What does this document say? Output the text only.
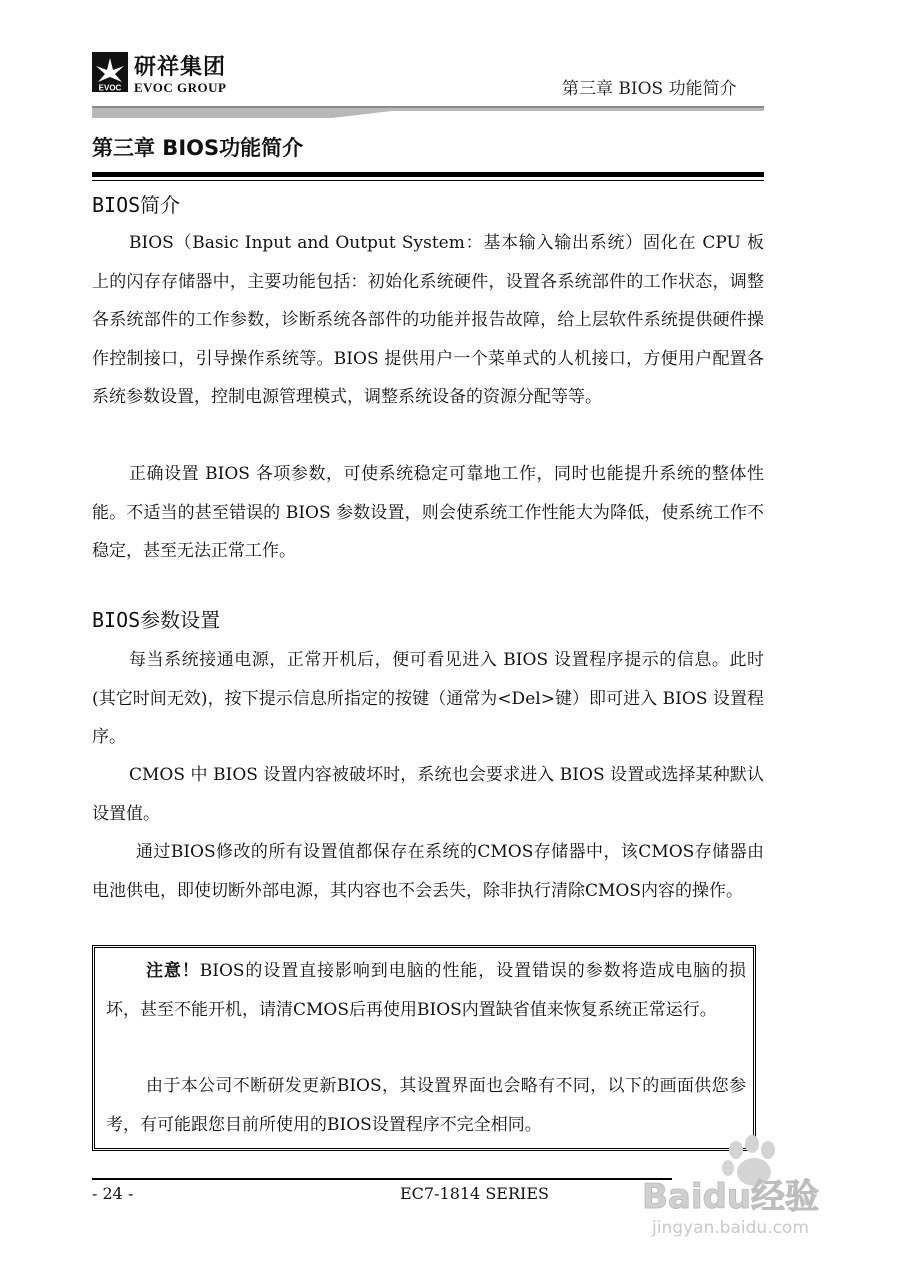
EVOC
研祥集团
EVOC GROUP	第三章 BIOS 功能简介
第三章 BIOS功能简介
BIOS简介

BIOS（Basic Input and Output System：基本输入输出系统）固化在 CPU 板上的闪存存储器中，主要功能包括：初始化系统硬件，设置各系统部件的工作状态，调整各系统部件的工作参数，诊断系统各部件的功能并报告故障，给上层软件系统提供硬件操作控制接口，引导操作系统等。BIOS 提供用户一个菜单式的人机接口，方便用户配置各系统参数设置，控制电源管理模式，调整系统设备的资源分配等等。

正确设置 BIOS 各项参数，可使系统稳定可靠地工作，同时也能提升系统的整体性能。不适当的甚至错误的 BIOS 参数设置，则会使系统工作性能大为降低，使系统工作不稳定，甚至无法正常工作。

BIOS参数设置

每当系统接通电源，正常开机后，便可看见进入 BIOS 设置程序提示的信息。此时(其它时间无效)，按下提示信息所指定的按键（通常为<Del>键）即可进入 BIOS 设置程序。

CMOS 中 BIOS 设置内容被破坏时，系统也会要求进入 BIOS 设置或选择某种默认设置值。

通过BIOS修改的所有设置值都保存在系统的CMOS存储器中，该CMOS存储器由电池供电，即使切断外部电源，其内容也不会丢失，除非执行清除CMOS内容的操作。

注意！BIOS的设置直接影响到电脑的性能，设置错误的参数将造成电脑的损坏，甚至不能开机，请清CMOS后再使用BIOS内置缺省值来恢复系统正常运行。

由于本公司不断研发更新BIOS，其设置界面也会略有不同，以下的画面供您参考，有可能跟您目前所使用的BIOS设置程序不完全相同。

- 24 -	EC7-1814 SERIES	Baidu经验
jingyan.baidu.com
